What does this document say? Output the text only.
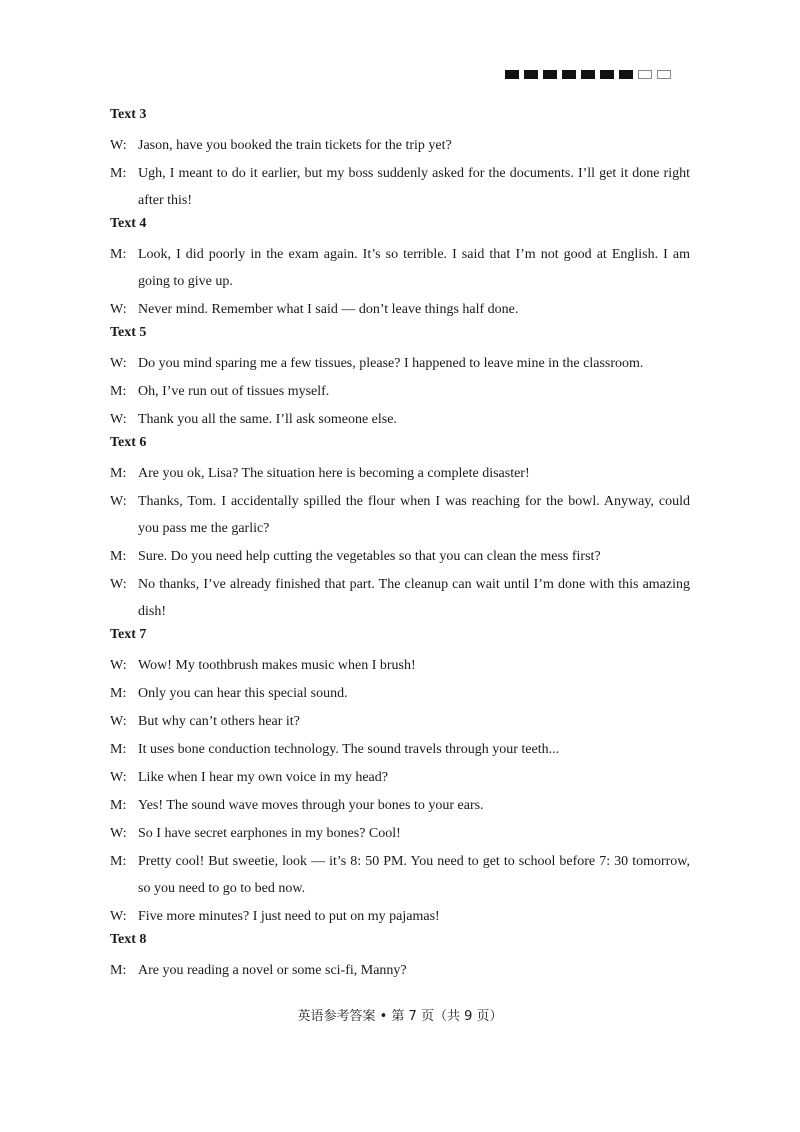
Text 3
W: Jason, have you booked the train tickets for the trip yet?
M: Ugh, I meant to do it earlier, but my boss suddenly asked for the documents. I’ll get it done right after this!
Text 4
M: Look, I did poorly in the exam again. It’s so terrible. I said that I’m not good at English. I am going to give up.
W: Never mind. Remember what I said — don’t leave things half done.
Text 5
W: Do you mind sparing me a few tissues, please? I happened to leave mine in the classroom.
M: Oh, I’ve run out of tissues myself.
W: Thank you all the same. I’ll ask someone else.
Text 6
M: Are you ok, Lisa? The situation here is becoming a complete disaster!
W: Thanks, Tom. I accidentally spilled the flour when I was reaching for the bowl. Anyway, could you pass me the garlic?
M: Sure. Do you need help cutting the vegetables so that you can clean the mess first?
W: No thanks, I’ve already finished that part. The cleanup can wait until I’m done with this amazing dish!
Text 7
W: Wow! My toothbrush makes music when I brush!
M: Only you can hear this special sound.
W: But why can’t others hear it?
M: It uses bone conduction technology. The sound travels through your teeth...
W: Like when I hear my own voice in my head?
M: Yes! The sound wave moves through your bones to your ears.
W: So I have secret earphones in my bones? Cool!
M: Pretty cool! But sweetie, look — it’s 8: 50 PM. You need to get to school before 7: 30 tomorrow, so you need to go to bed now.
W: Five more minutes? I just need to put on my pajamas!
Text 8
M: Are you reading a novel or some sci-fi, Manny?
英语参考答案 • 第 7 页（共 9 页）
